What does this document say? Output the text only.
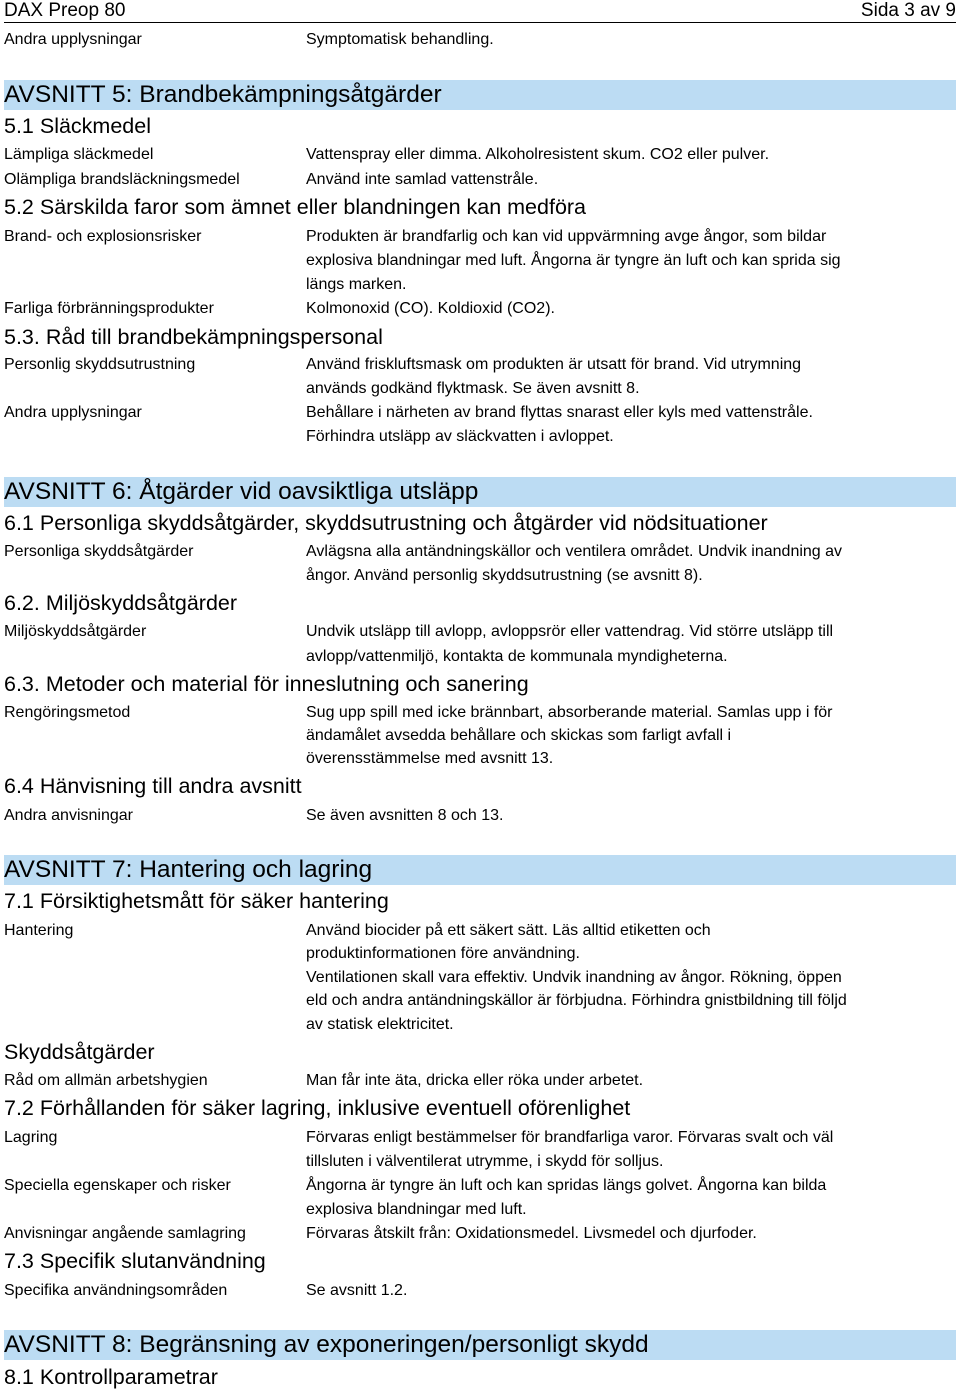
DAX Preop 80	Sida 3 av 9
Andra upplysningar	Symptomatisk behandling.
AVSNITT 5: Brandbekämpningsåtgärder
5.1 Släckmedel
Lämpliga släckmedel	Vattenspray eller dimma. Alkoholresistent skum. CO2 eller pulver.
Olämpliga brandsläckningsmedel	Använd inte samlad vattenstråle.
5.2 Särskilda faror som ämnet eller blandningen kan medföra
Brand- och explosionsrisker	Produkten är brandfarlig och kan vid uppvärmning avge ångor, som bildar
explosiva blandningar med luft. Ångorna är tyngre än luft och kan sprida sig
längs marken.
Farliga förbränningsprodukter	Kolmonoxid (CO). Koldioxid (CO2).
5.3. Råd till brandbekämpningspersonal
Personlig skyddsutrustning	Använd friskluftsmask om produkten är utsatt för brand. Vid utrymning
används godkänd flyktmask. Se även avsnitt 8.
Andra upplysningar	Behållare i närheten av brand flyttas snarast eller kyls med vattenstråle.
Förhindra utsläpp av släckvatten i avloppet.
AVSNITT 6: Åtgärder vid oavsiktliga utsläpp
6.1 Personliga skyddsåtgärder, skyddsutrustning och åtgärder vid nödsituationer
Personliga skyddsåtgärder	Avlägsna alla antändningskällor och ventilera området. Undvik inandning av
ångor. Använd personlig skyddsutrustning (se avsnitt 8).
6.2. Miljöskyddsåtgärder
Miljöskyddsåtgärder	Undvik utsläpp till avlopp, avloppsrör eller vattendrag. Vid större utsläpp till
avlopp/vattenmiljö, kontakta de kommunala myndigheterna.
6.3. Metoder och material för inneslutning och sanering
Rengöringsmetod	Sug upp spill med icke brännbart, absorberande material. Samlas upp i för
ändamålet avsedda behållare och skickas som farligt avfall i
överensstämmelse med avsnitt 13.
6.4 Hänvisning till andra avsnitt
Andra anvisningar	Se även avsnitten 8 och 13.
AVSNITT 7: Hantering och lagring
7.1 Försiktighetsmått för säker hantering
Hantering	Använd biocider på ett säkert sätt. Läs alltid etiketten och
produktinformationen före användning.
Ventilationen skall vara effektiv. Undvik inandning av ångor. Rökning, öppen
eld och andra antändningskällor är förbjudna. Förhindra gnistbildning till följd
av statisk elektricitet.
Skyddsåtgärder
Råd om allmän arbetshygien	Man får inte äta, dricka eller röka under arbetet.
7.2 Förhållanden för säker lagring, inklusive eventuell oförenlighet
Lagring	Förvaras enligt bestämmelser för brandfarliga varor. Förvaras svalt och väl
tillsluten i välventilerat utrymme, i skydd för solljus.
Speciella egenskaper och risker	Ångorna är tyngre än luft och kan spridas längs golvet. Ångorna kan bilda
explosiva blandningar med luft.
Anvisningar angående samlagring	Förvaras åtskilt från: Oxidationsmedel. Livsmedel och djurfoder.
7.3 Specifik slutanvändning
Specifika användningsområden	Se avsnitt 1.2.
AVSNITT 8: Begränsning av exponeringen/personligt skydd
8.1 Kontrollparametrar
